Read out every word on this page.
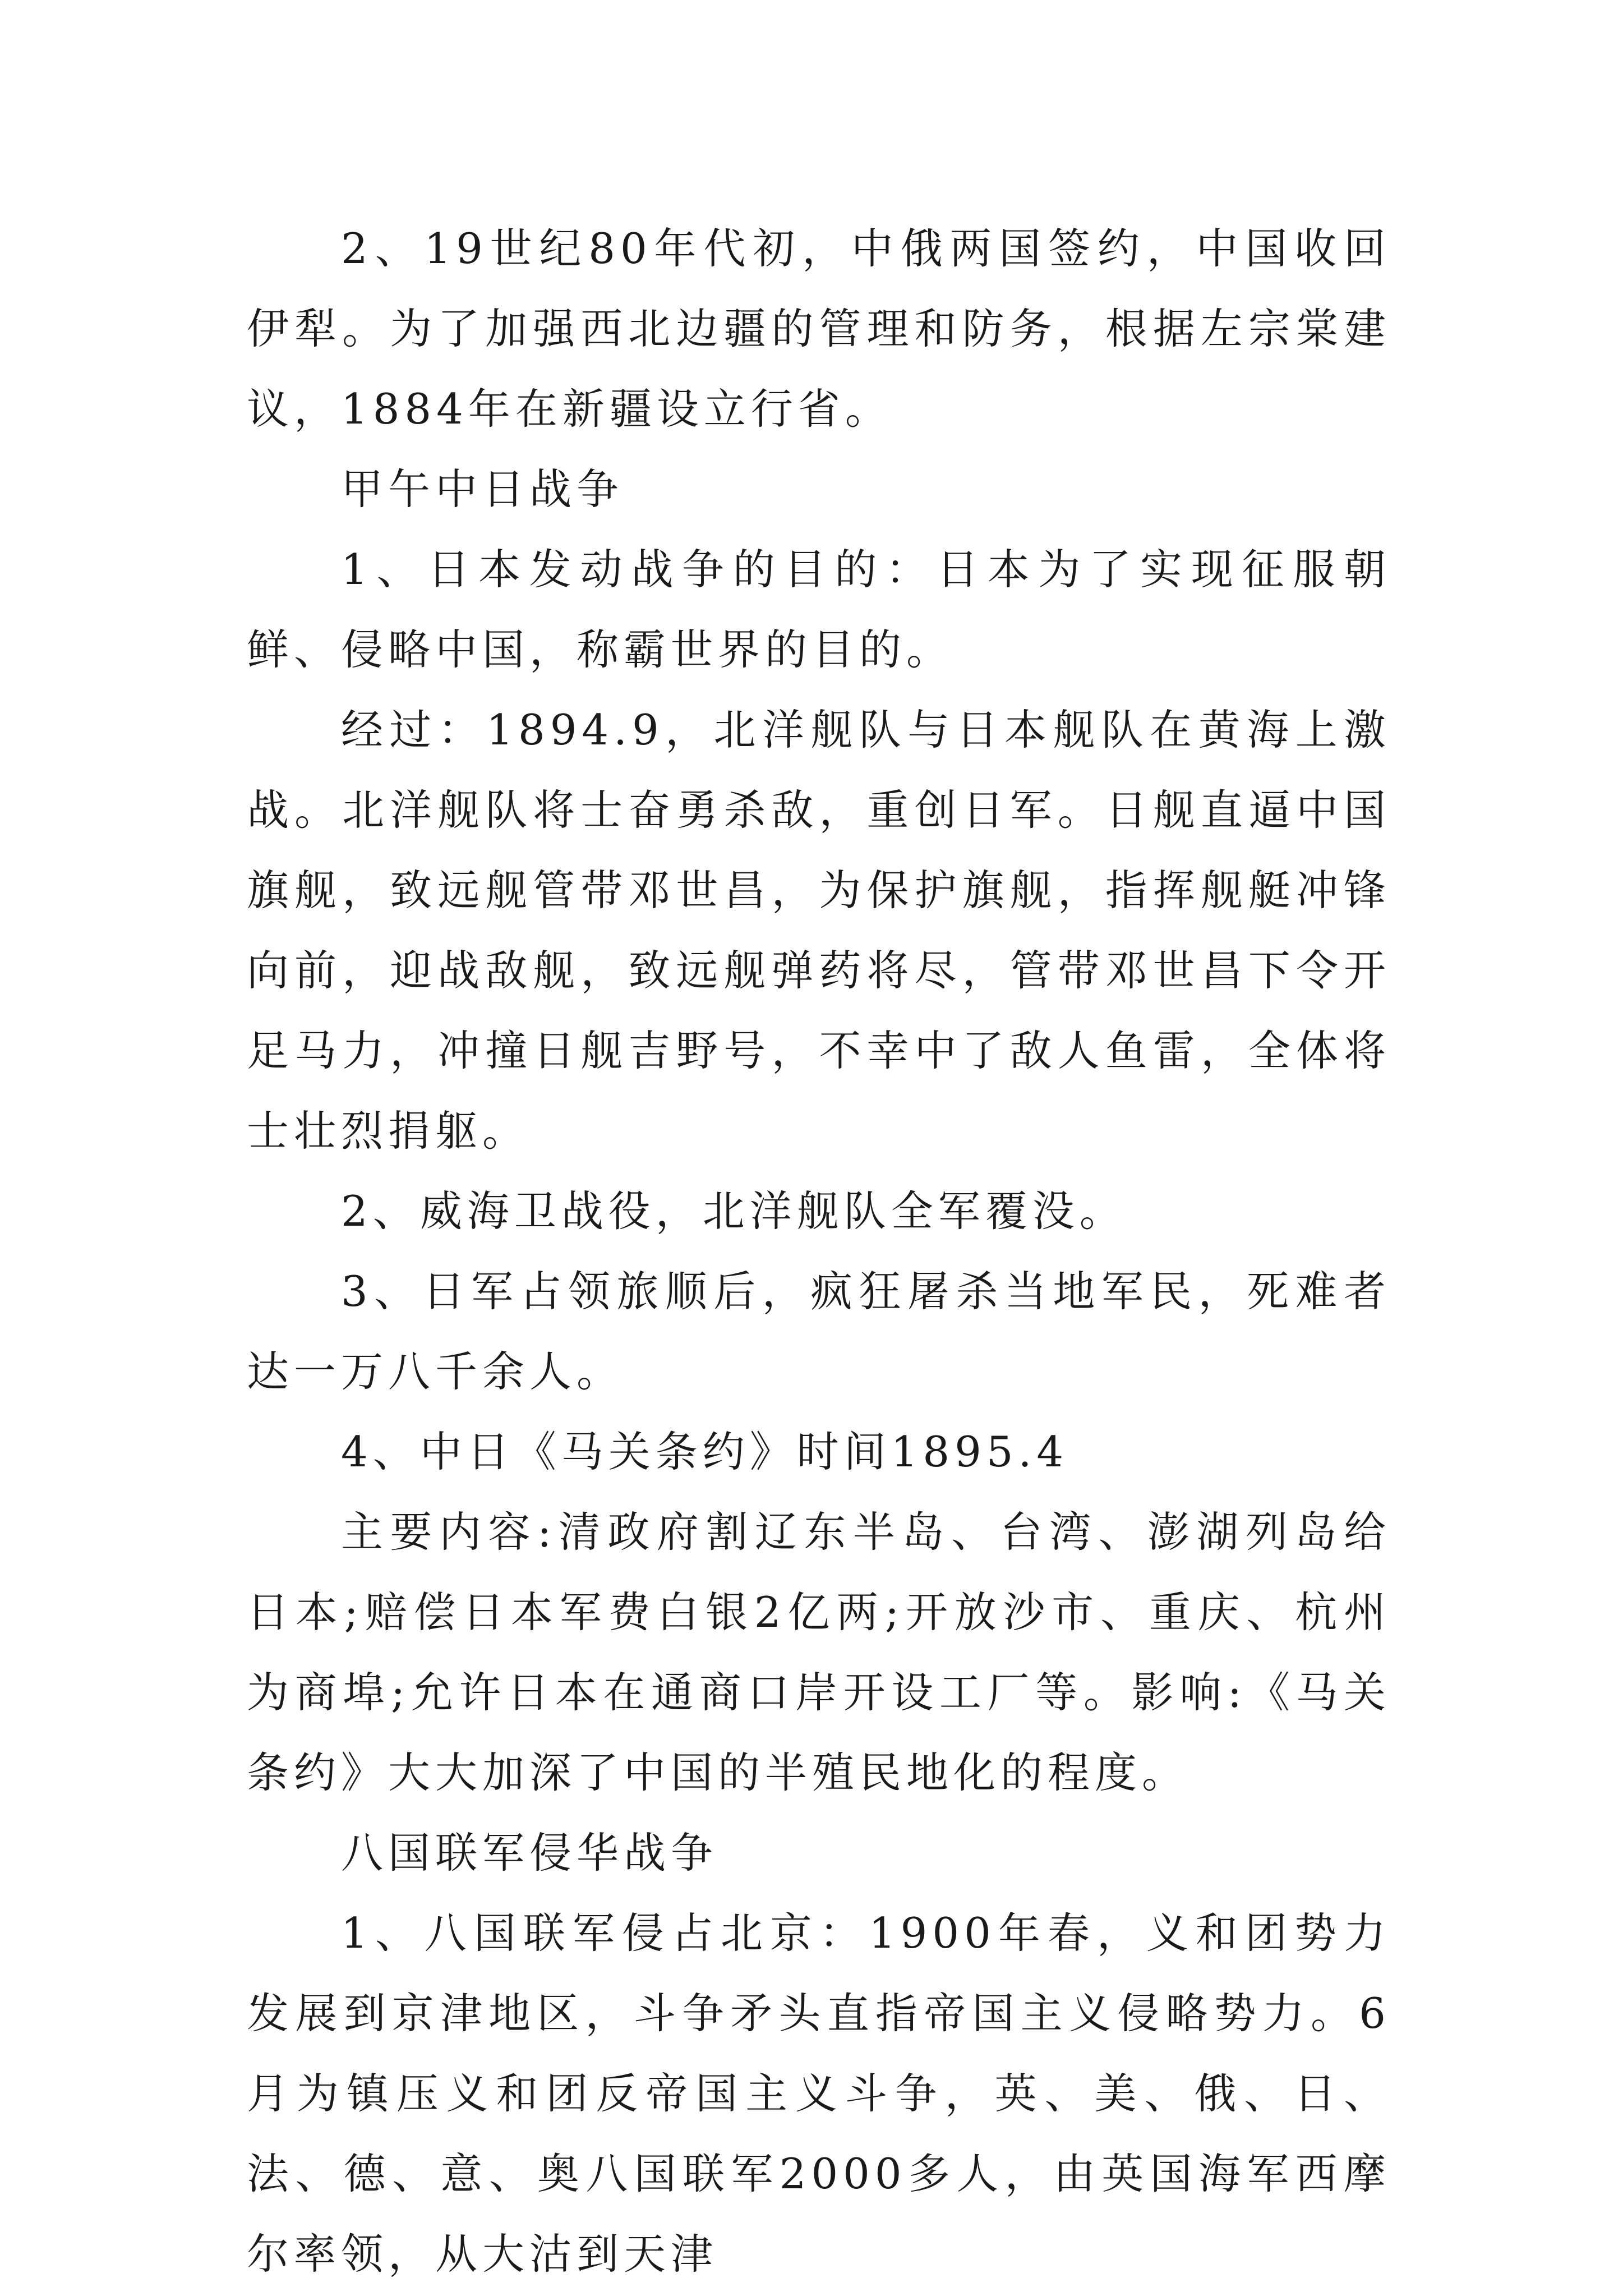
2、19世纪80年代初，中俄两国签约，中国收回伊犁。为了加强西北边疆的管理和防务，根据左宗棠建议，1884年在新疆设立行省。

甲午中日战争

1、日本发动战争的目的：日本为了实现征服朝鲜、侵略中国，称霸世界的目的。

经过：1894.9，北洋舰队与日本舰队在黄海上激战。北洋舰队将士奋勇杀敌，重创日军。日舰直逼中国旗舰，致远舰管带邓世昌，为保护旗舰，指挥舰艇冲锋向前，迎战敌舰，致远舰弹药将尽，管带邓世昌下令开足马力，冲撞日舰吉野号，不幸中了敌人鱼雷，全体将士壮烈捐躯。

2、威海卫战役，北洋舰队全军覆没。

3、日军占领旅顺后，疯狂屠杀当地军民，死难者达一万八千余人。

4、中日《马关条约》时间1895.4

主要内容:清政府割辽东半岛、台湾、澎湖列岛给日本;赔偿日本军费白银2亿两;开放沙市、重庆、杭州为商埠;允许日本在通商口岸开设工厂等。影响:《马关条约》大大加深了中国的半殖民地化的程度。

八国联军侵华战争

1、八国联军侵占北京：1900年春，义和团势力发展到京津地区，斗争矛头直指帝国主义侵略势力。6月为镇压义和团反帝国主义斗争，英、美、俄、日、法、德、意、奥八国联军2000多人，由英国海军西摩尔率领，从大沽到天津
